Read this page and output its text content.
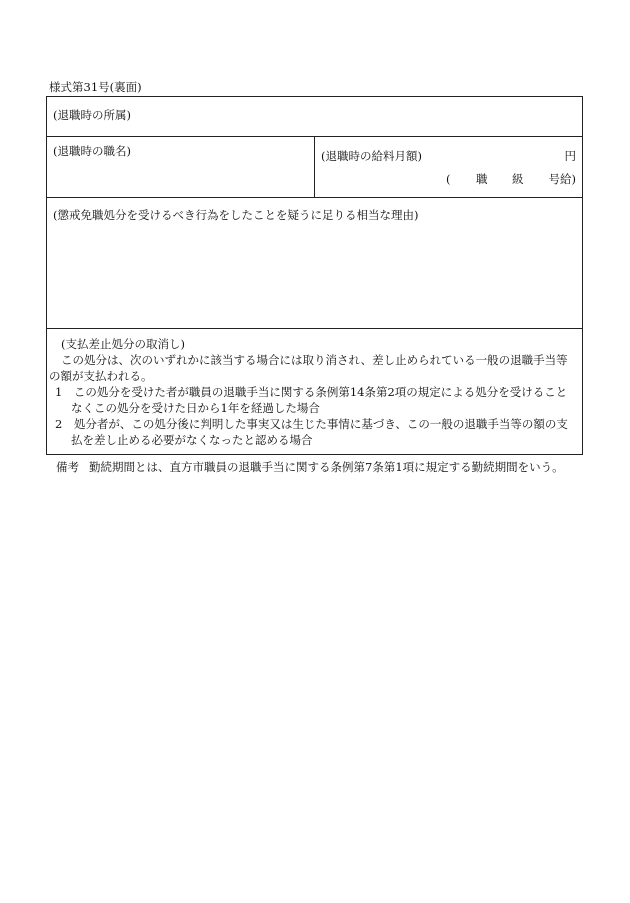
様式第31号(裏面)
(退職時の所属)
(退職時の職名)	(退職時の給料月額)	円
( 職 級 号給)
(懲戒免職処分を受けるべき行為をしたことを疑うに足りる相当な理由)
(支払差止処分の取消し)
この処分は、次のいずれかに該当する場合には取り消され、差し止められている一般の退職手当等
の額が支払われる。
1　この処分を受けた者が職員の退職手当に関する条例第14条第2項の規定による処分を受けること
なくこの処分を受けた日から1年を経過した場合
2　処分者が、この処分後に判明した事実又は生じた事情に基づき、この一般の退職手当等の額の支
払を差し止める必要がなくなったと認める場合
備考 勤続期間とは、直方市職員の退職手当に関する条例第7条第1項に規定する勤続期間をいう。
